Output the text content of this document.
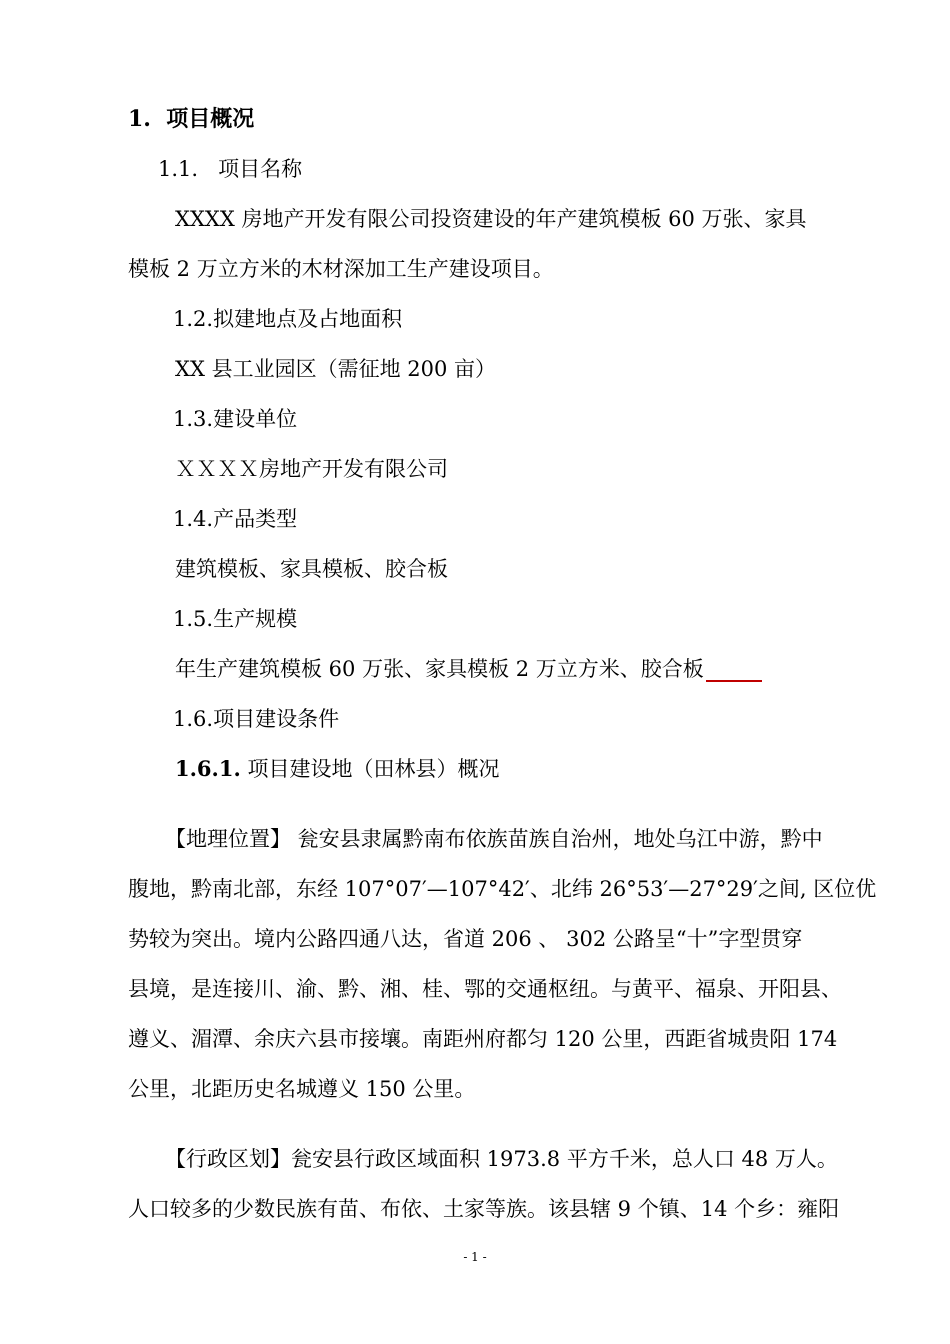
1. 项目概况
1.1. 项目名称
XXXX 房地产开发有限公司投资建设的年产建筑模板 60 万张、家具
模板 2 万立方米的木材深加工生产建设项目。
1.2.拟建地点及占地面积
XX 县工业园区（需征地 200 亩）
1.3.建设单位
ＸＸＸＸ房地产开发有限公司
1.4.产品类型
建筑模板、家具模板、胶合板
1.5.生产规模
年生产建筑模板 60 万张、家具模板 2 万立方米、胶合板
1.6.项目建设条件
1.6.1. 项目建设地（田林县）概况
【地理位置】 瓮安县隶属黔南布依族苗族自治州，地处乌江中游，黔中
腹地，黔南北部，东经 107°07′—107°42′、北纬 26°53′—27°29′之间, 区位优
势较为突出。境内公路四通八达，省道 206 、 302 公路呈“十”字型贯穿
县境，是连接川、渝、黔、湘、桂、鄂的交通枢纽。与黄平、福泉、开阳县、
遵义、湄潭、余庆六县市接壤。南距州府都匀 120 公里，西距省城贵阳 174
公里，北距历史名城遵义 150 公里。
【行政区划】瓮安县行政区域面积 1973.8 平方千米，总人口 48 万人。
人口较多的少数民族有苗、布依、土家等族。该县辖 9 个镇、14 个乡：雍阳
- 1 -
